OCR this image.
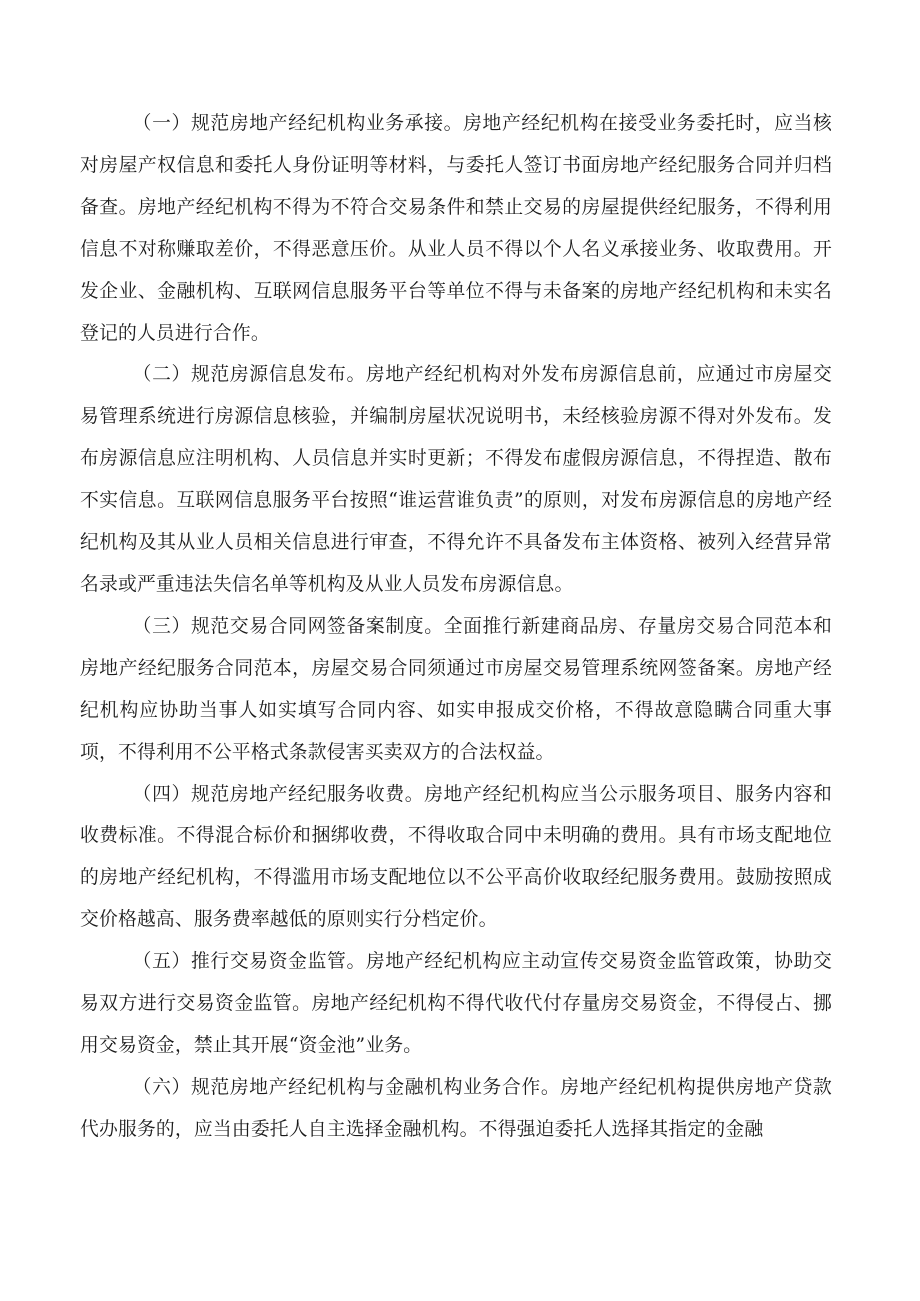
（一）规范房地产经纪机构业务承接。房地产经纪机构在接受业务委托时，应当核对房屋产权信息和委托人身份证明等材料，与委托人签订书面房地产经纪服务合同并归档备查。房地产经纪机构不得为不符合交易条件和禁止交易的房屋提供经纪服务，不得利用信息不对称赚取差价，不得恶意压价。从业人员不得以个人名义承接业务、收取费用。开发企业、金融机构、互联网信息服务平台等单位不得与未备案的房地产经纪机构和未实名登记的人员进行合作。

（二）规范房源信息发布。房地产经纪机构对外发布房源信息前，应通过市房屋交易管理系统进行房源信息核验，并编制房屋状况说明书，未经核验房源不得对外发布。发布房源信息应注明机构、人员信息并实时更新；不得发布虚假房源信息，不得捏造、散布不实信息。互联网信息服务平台按照“谁运营谁负责”的原则，对发布房源信息的房地产经纪机构及其从业人员相关信息进行审查，不得允许不具备发布主体资格、被列入经营异常名录或严重违法失信名单等机构及从业人员发布房源信息。

（三）规范交易合同网签备案制度。全面推行新建商品房、存量房交易合同范本和房地产经纪服务合同范本，房屋交易合同须通过市房屋交易管理系统网签备案。房地产经纪机构应协助当事人如实填写合同内容、如实申报成交价格，不得故意隐瞒合同重大事项，不得利用不公平格式条款侵害买卖双方的合法权益。

（四）规范房地产经纪服务收费。房地产经纪机构应当公示服务项目、服务内容和收费标准。不得混合标价和捆绑收费，不得收取合同中未明确的费用。具有市场支配地位的房地产经纪机构，不得滥用市场支配地位以不公平高价收取经纪服务费用。鼓励按照成交价格越高、服务费率越低的原则实行分档定价。

（五）推行交易资金监管。房地产经纪机构应主动宣传交易资金监管政策，协助交易双方进行交易资金监管。房地产经纪机构不得代收代付存量房交易资金，不得侵占、挪用交易资金，禁止其开展“资金池”业务。

（六）规范房地产经纪机构与金融机构业务合作。房地产经纪机构提供房地产贷款代办服务的，应当由委托人自主选择金融机构。不得强迫委托人选择其指定的金融
